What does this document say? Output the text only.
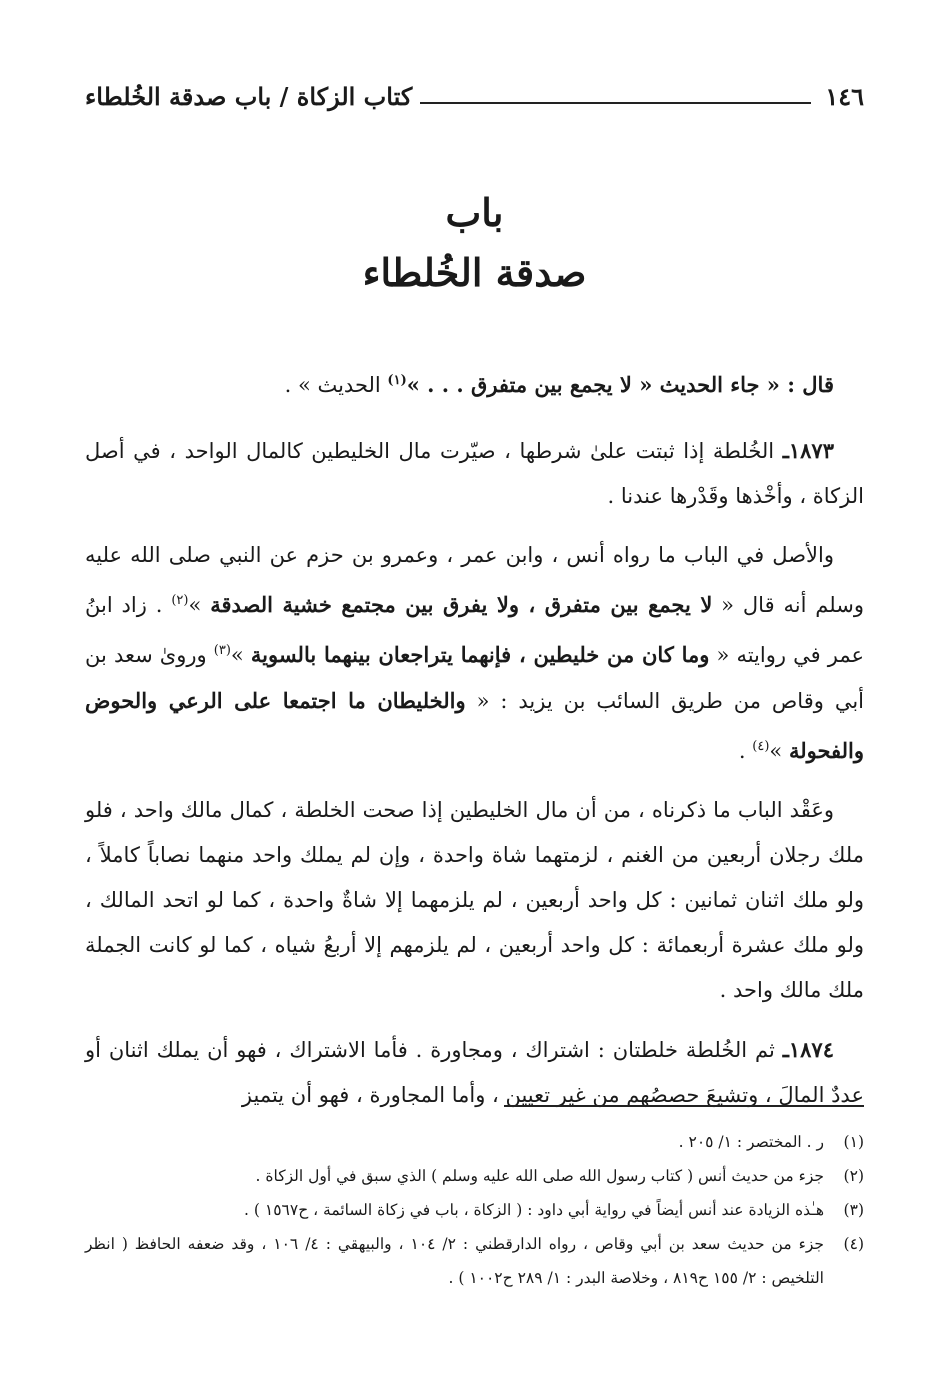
١٤٦
كتاب الزكاة / باب صدقة الخُلطاء
باب
صدقة الخُلطاء

قال : « جاء الحديث « لا يجمع بين متفرق . . . »$^{(١)}$ الحديث » .

١٨٧٣ـ الخُلطة إذا ثبتت علىٰ شرطها ، صيّرت مال الخليطين كالمال الواحد ، في أصل الزكاة ، وأخْذها وقَدْرها عندنا .

والأصل في الباب ما رواه أنس ، وابن عمر ، وعمرو بن حزم عن النبي صلى الله عليه وسلم أنه قال « لا يجمع بين متفرق ، ولا يفرق بين مجتمع خشية الصدقة »$^{(٢)}$ . زاد ابنُ عمر في روايته « وما كان من خليطين ، فإنهما يتراجعان بينهما بالسوية »$^{(٣)}$ وروىٰ سعد بن أبي وقاص من طريق السائب بن يزيد : « والخليطان ما اجتمعا على الرعي والحوض والفحولة »$^{(٤)}$ .

وعَقْد الباب ما ذكرناه ، من أن مال الخليطين إذا صحت الخلطة ، كمال مالك واحد ، فلو ملك رجلان أربعين من الغنم ، لزمتهما شاة واحدة ، وإن لم يملك واحد منهما نصاباً كاملاً ، ولو ملك اثنان ثمانين : كل واحد أربعين ، لم يلزمهما إلا شاةٌ واحدة ، كما لو اتحد المالك ، ولو ملك عشرة أربعمائة : كل واحد أربعين ، لم يلزمهم إلا أربعُ شياه ، كما لو كانت الجملة ملك مالك واحد .

١٨٧٤ـ ثم الخُلطة خلطتان : اشتراك ، ومجاورة . فأما الاشتراك ، فهو أن يملك اثنان أو عددٌ المالَ ، وتشيعَ حصصُهم من غير تعيين ، وأما المجاورة ، فهو أن يتميز

(١)
ر . المختصر : ١/ ٢٠٥ .
(٢)
جزء من حديث أنس ( كتاب رسول الله صلى الله عليه وسلم ) الذي سبق في أول الزكاة .
(٣)
هـٰذه الزيادة عند أنس أيضاً في رواية أبي داود : ( الزكاة ، باب في زكاة السائمة ، ح١٥٦٧ ) .
(٤)
جزء من حديث سعد بن أبي وقاص ، رواه الدارقطني : ٢/ ١٠٤ ، والبيهقي : ٤/ ١٠٦ ، وقد ضعفه الحافظ ( انظر التلخيص : ٢/ ١٥٥ ح٨١٩ ، وخلاصة البدر : ١/ ٢٨٩ ح١٠٠٢ ) .
